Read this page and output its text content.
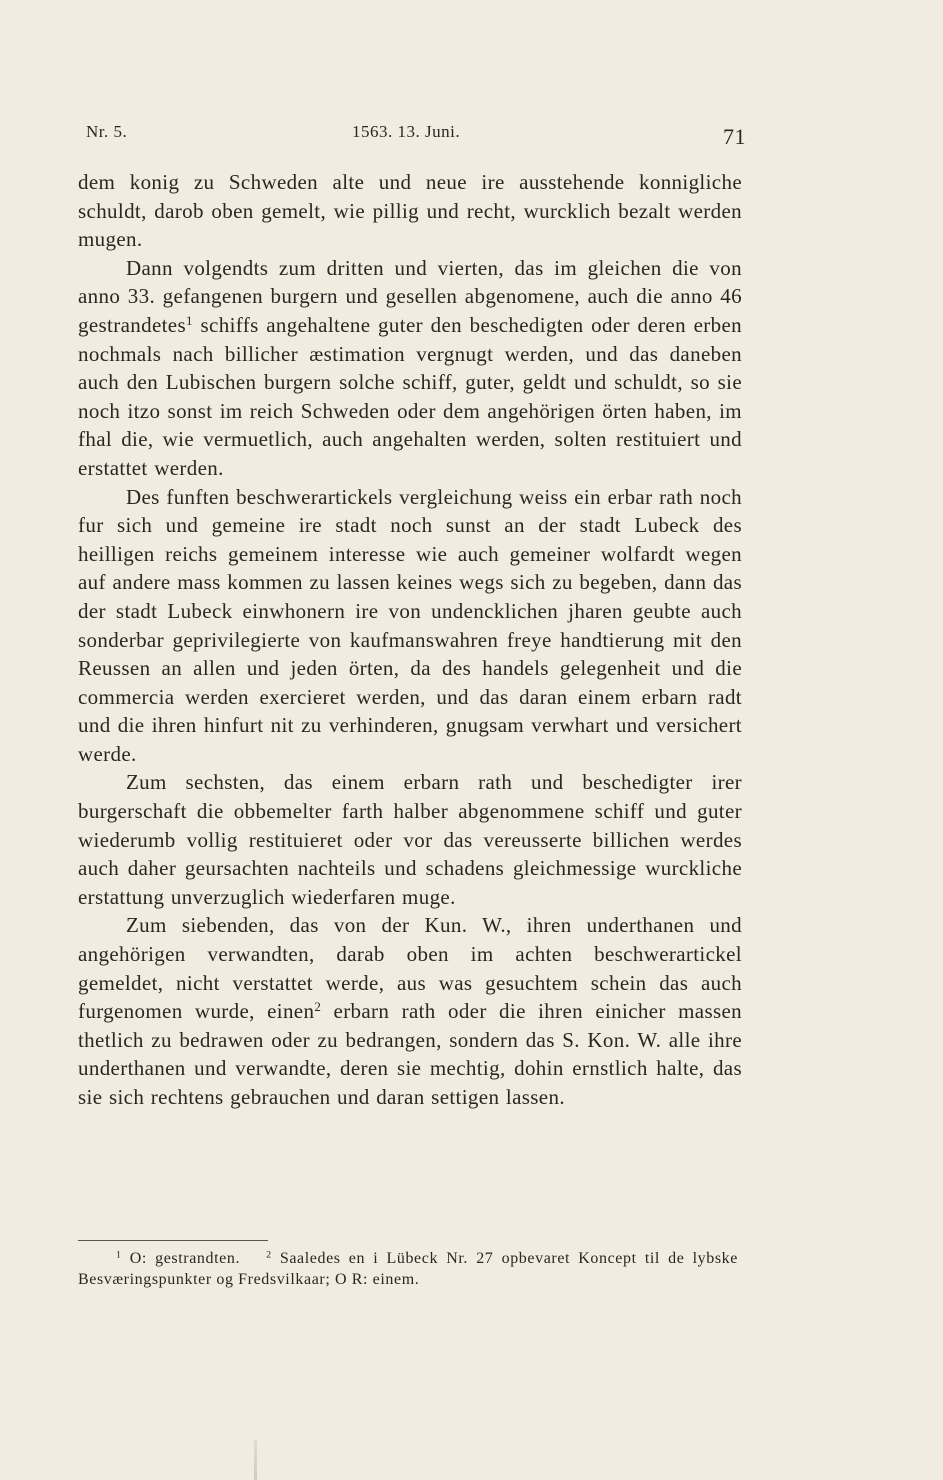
Nr. 5.	1563. 13. Juni.	71

dem konig zu Schweden alte und neue ire ausstehende konnigliche schuldt, darob oben gemelt, wie pillig und recht, wurcklich bezalt werden mugen.

Dann volgendts zum dritten und vierten, das im gleichen die von anno 33. gefangenen burgern und gesellen abgenomene, auch die anno 46 gestrandetes$^1$ schiffs angehaltene guter den beschedigten oder deren erben nochmals nach billicher æstimation vergnugt werden, und das daneben auch den Lubischen burgern solche schiff, guter, geldt und schuldt, so sie noch itzo sonst im reich Schweden oder dem angehörigen örten haben, im fhal die, wie vermuetlich, auch angehalten werden, solten restituiert und erstattet werden.

Des funften beschwerartickels vergleichung weiss ein erbar rath noch fur sich und gemeine ire stadt noch sunst an der stadt Lubeck des heilligen reichs gemeinem interesse wie auch gemeiner wolfardt wegen auf andere mass kommen zu lassen keines wegs sich zu begeben, dann das der stadt Lubeck einwhonern ire von undencklichen jharen geubte auch sonderbar geprivilegierte von kaufmanswahren freye handtierung mit den Reussen an allen und jeden örten, da des handels gelegenheit und die commercia werden exercieret werden, und das daran einem erbarn radt und die ihren hinfurt nit zu verhinderen, gnugsam verwhart und versichert werde.

Zum sechsten, das einem erbarn rath und beschedigter irer burgerschaft die obbemelter farth halber abgenommene schiff und guter wiederumb vollig restituieret oder vor das vereusserte billichen werdes auch daher geursachten nachteils und schadens gleichmessige wurckliche erstattung unverzuglich wiederfaren muge.

Zum siebenden, das von der Kun. W., ihren underthanen und angehörigen verwandten, darab oben im achten beschwerartickel gemeldet, nicht verstattet werde, aus was gesuchtem schein das auch furgenomen wurde, einen$^2$ erbarn rath oder die ihren einicher massen thetlich zu bedrawen oder zu bedrangen, sondern das S. Kon. W. alle ihre underthanen und verwandte, deren sie mechtig, dohin ernstlich halte, das sie sich rechtens gebrauchen und daran settigen lassen.

$^1$ O: gestrandten.	$^2$ Saaledes en i Lübeck Nr. 27 opbevaret Koncept til de lybske Besværingspunkter og Fredsvilkaar; O R: einem.
